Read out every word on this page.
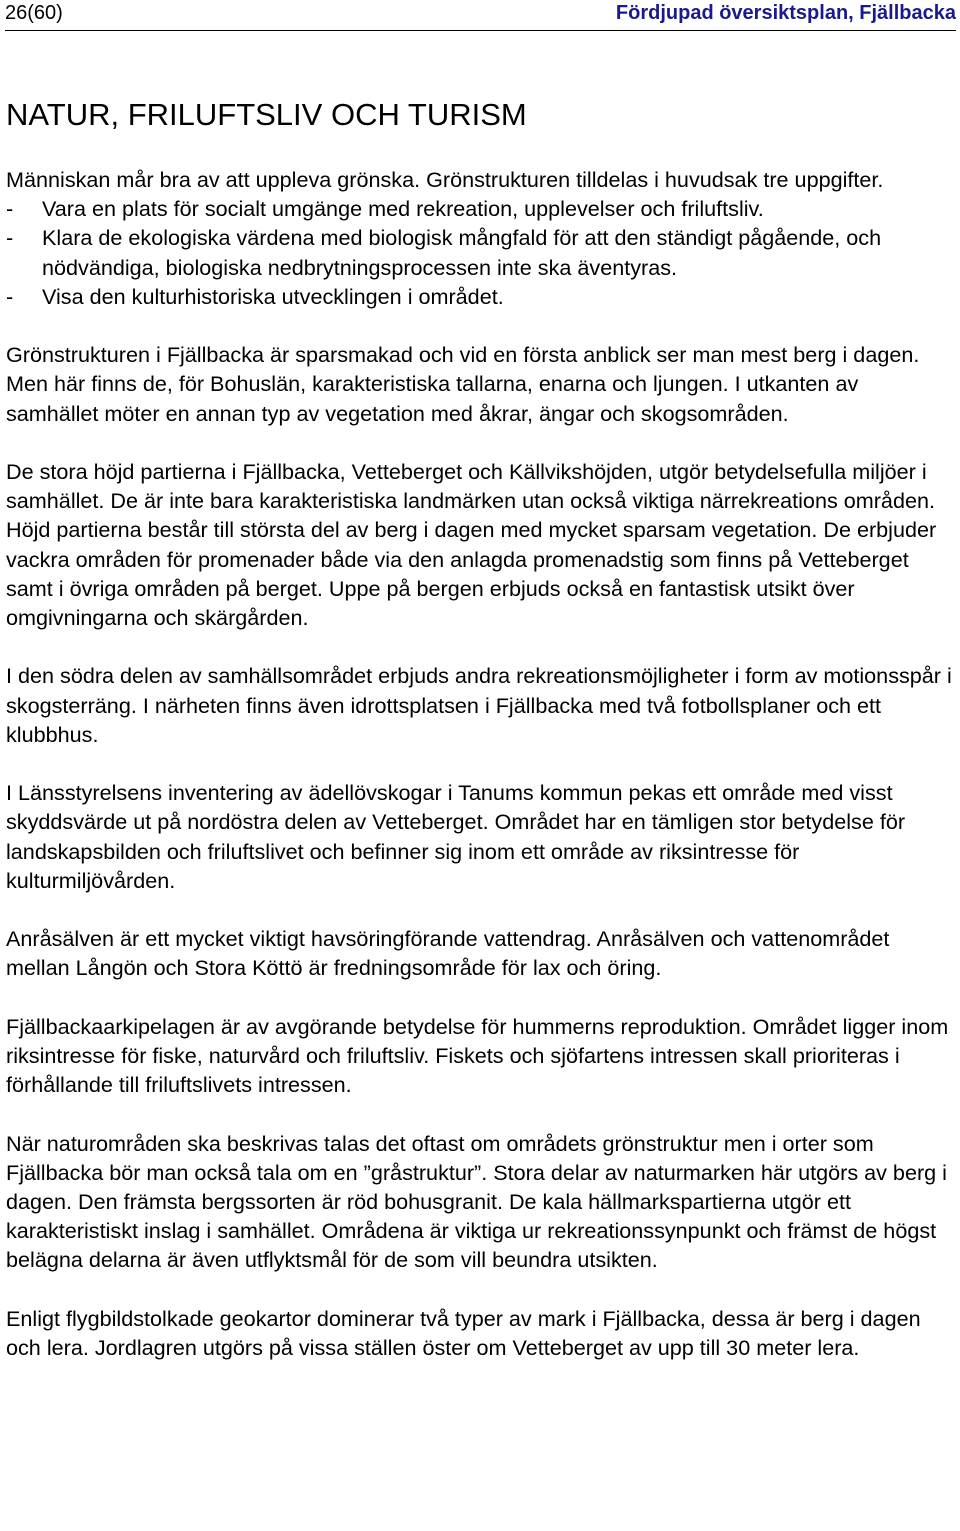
26(60)	Fördjupad översiktsplan, Fjällbacka
NATUR, FRILUFTSLIV OCH TURISM
Människan mår bra av att uppleva grönska. Grönstrukturen tilldelas i huvudsak tre uppgifter.
- Vara en plats för socialt umgänge med rekreation, upplevelser och friluftsliv.
- Klara de ekologiska värdena med biologisk mångfald för att den ständigt pågående, och nödvändiga, biologiska nedbrytningsprocessen inte ska äventyras.
- Visa den kulturhistoriska utvecklingen i området.

Grönstrukturen i Fjällbacka är sparsmakad och vid en första anblick ser man mest berg i dagen. Men här finns de, för Bohuslän, karakteristiska tallarna, enarna och ljungen. I utkanten av samhället möter en annan typ av vegetation med åkrar, ängar och skogsområden.

De stora höjd partierna i Fjällbacka, Vetteberget och Källvikshöjden, utgör betydelsefulla miljöer i samhället. De är inte bara karakteristiska landmärken utan också viktiga närrekreations områden. Höjd partierna består till största del av berg i dagen med mycket sparsam vegetation. De erbjuder vackra områden för promenader både via den anlagda promenadstig som finns på Vetteberget samt i övriga områden på berget. Uppe på bergen erbjuds också en fantastisk utsikt över omgivningarna och skärgården.

I den södra delen av samhällsområdet erbjuds andra rekreationsmöjligheter i form av motionsspår i skogsterräng. I närheten finns även idrottsplatsen i Fjällbacka med två fotbollsplaner och ett klubbhus.

I Länsstyrelsens inventering av ädellövskogar i Tanums kommun pekas ett område med visst skyddsvärde ut på nordöstra delen av Vetteberget. Området har en tämligen stor betydelse för landskapsbilden och friluftslivet och befinner sig inom ett område av riksintresse för kulturmiljövården.

Anråsälven är ett mycket viktigt havsöringförande vattendrag. Anråsälven och vattenområdet mellan Långön och Stora Köttö är fredningsområde för lax och öring.

Fjällbackaarkipelagen är av avgörande betydelse för hummerns reproduktion. Området ligger inom riksintresse för fiske, naturvård och friluftsliv. Fiskets och sjöfartens intressen skall prioriteras i förhållande till friluftslivets intressen.

När naturområden ska beskrivas talas det oftast om områdets grönstruktur men i orter som Fjällbacka bör man också tala om en ”gråstruktur”. Stora delar av naturmarken här utgörs av berg i dagen. Den främsta bergssorten är röd bohusgranit. De kala hällmarkspartierna utgör ett karakteristiskt inslag i samhället. Områdena är viktiga ur rekreationssynpunkt och främst de högst belägna delarna är även utflyktsmål för de som vill beundra utsikten.

Enligt flygbildstolkade geokartor dominerar två typer av mark i Fjällbacka, dessa är berg i dagen och lera. Jordlagren utgörs på vissa ställen öster om Vetteberget av upp till 30 meter lera.
